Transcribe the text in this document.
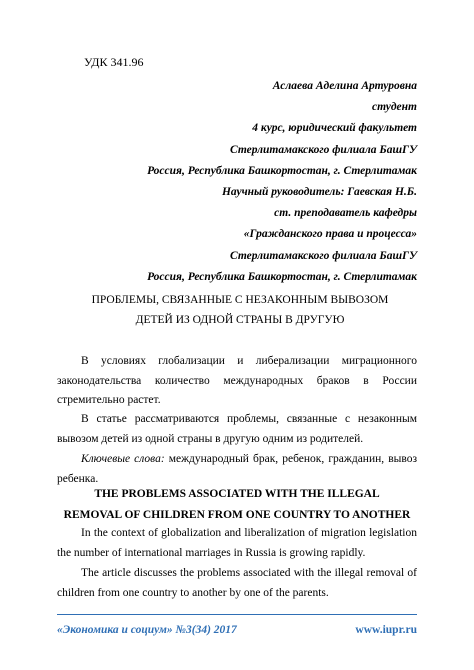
УДК 341.96
Аслаева Аделина Артуровна
студент
4 курс, юридический факультет
Стерлитамакского филиала БашГУ
Россия, Республика Башкортостан, г. Стерлитамак
Научный руководитель: Гаевская Н.Б.
ст. преподаватель кафедры
«Гражданского права и процесса»
Стерлитамакского филиала БашГУ
Россия, Республика Башкортостан, г. Стерлитамак
ПРОБЛЕМЫ, СВЯЗАННЫЕ С НЕЗАКОННЫМ ВЫВОЗОМ
ДЕТЕЙ ИЗ ОДНОЙ СТРАНЫ В ДРУГУЮ
В условиях глобализации и либерализации миграционного
законодательства количество международных браков в России
стремительно растет.
В статье рассматриваются проблемы, связанные с незаконным
вывозом детей из одной страны в другую одним из родителей.
Ключевые слова: международный брак, ребенок, гражданин, вывоз
ребенка.
THE PROBLEMS ASSOCIATED WITH THE ILLEGAL
REMOVAL OF CHILDREN FROM ONE COUNTRY TO ANOTHER
In the context of globalization and liberalization of migration legislation
the number of international marriages in Russia is growing rapidly.
The article discusses the problems associated with the illegal removal of
children from one country to another by one of the parents.
«Экономика и социум» №3(34) 2017	www.iupr.ru
